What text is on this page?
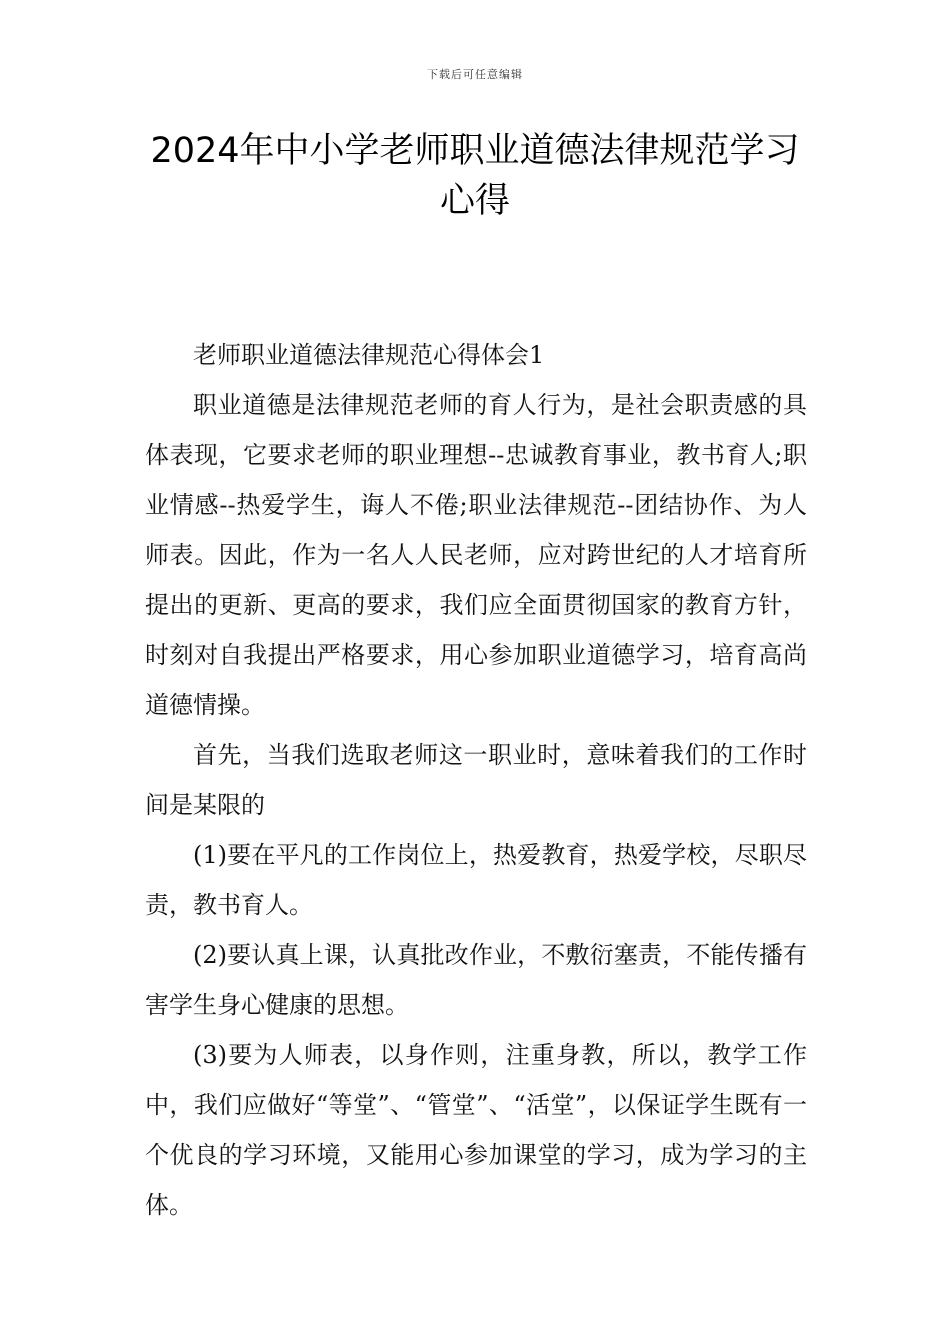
下载后可任意编辑
2024年中小学老师职业道德法律规范学习心得

老师职业道德法律规范心得体会1

职业道德是法律规范老师的育人行为，是社会职责感的具体表现，它要求老师的职业理想--忠诚教育事业，教书育人;职业情感--热爱学生，诲人不倦;职业法律规范--团结协作、为人师表。因此，作为一名人人民老师，应对跨世纪的人才培育所提出的更新、更高的要求，我们应全面贯彻国家的教育方针，时刻对自我提出严格要求，用心参加职业道德学习，培育高尚道德情操。

首先，当我们选取老师这一职业时，意味着我们的工作时间是某限的

(1)要在平凡的工作岗位上，热爱教育，热爱学校，尽职尽责，教书育人。

(2)要认真上课，认真批改作业，不敷衍塞责，不能传播有害学生身心健康的思想。

(3)要为人师表，以身作则，注重身教，所以，教学工作中，我们应做好“等堂”、“管堂”、“活堂”，以保证学生既有一个优良的学习环境，又能用心参加课堂的学习，成为学习的主体。
